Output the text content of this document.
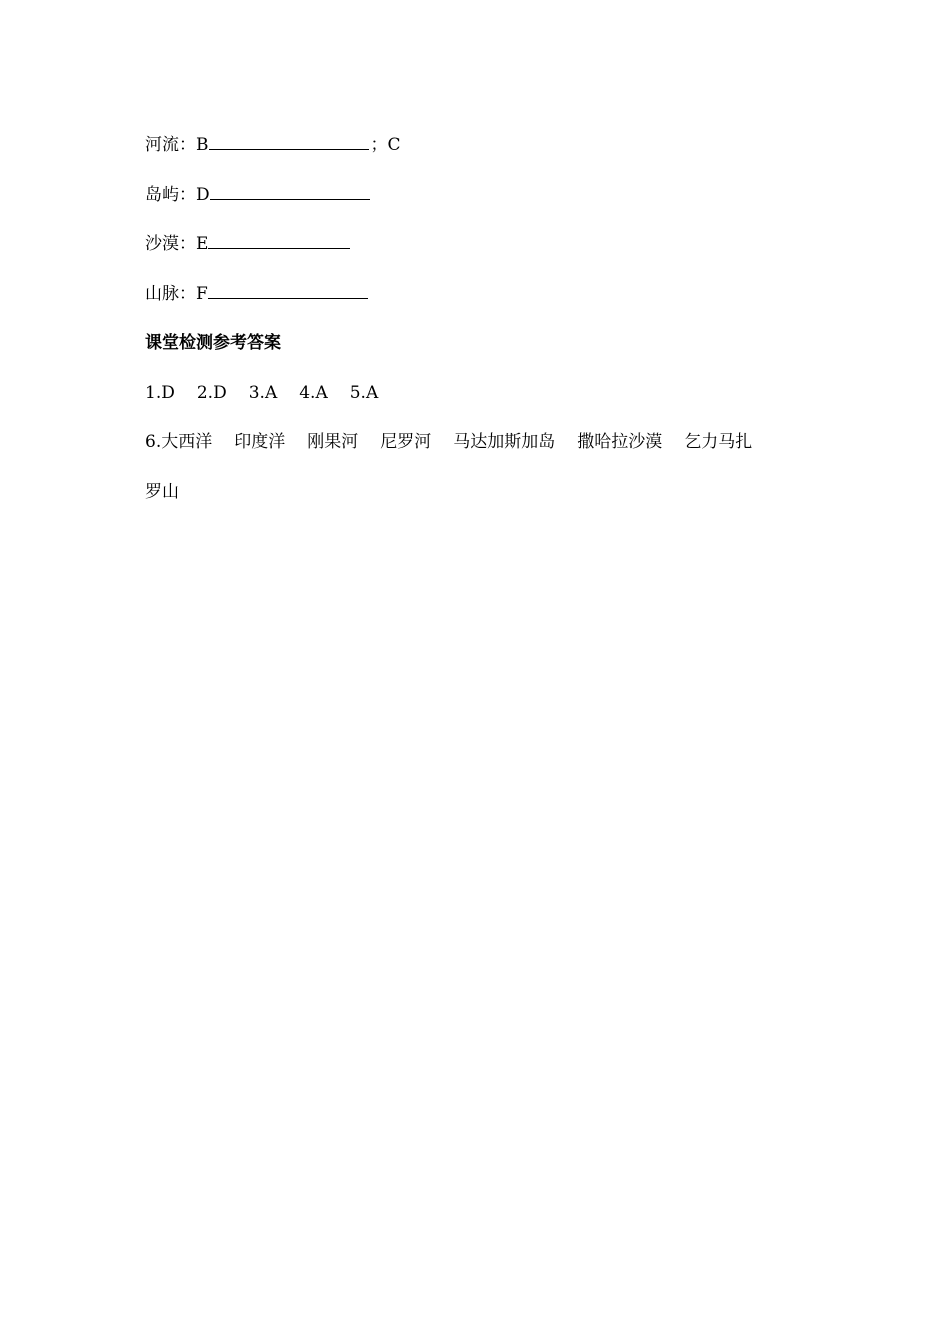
河流：B	；C
岛屿：D
沙漠：E
山脉：F
课堂检测参考答案
1.D 2.D 3.A 4.A 5.A
6.大西洋 印度洋 刚果河 尼罗河 马达加斯加岛 撒哈拉沙漠 乞力马扎
罗山
